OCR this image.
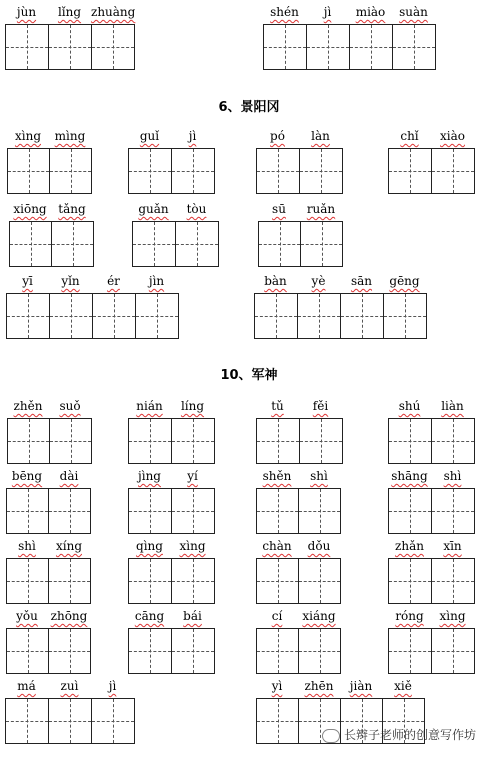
6、景阳冈
10、军神
长辫子老师的创意写作坊
jùn	lǐng zhuàng	shén	jì	miào	suàn
xìng	mìng	guǐ	jì	pó	làn	chǐ	xiào
xiōng tǎng	guǎn	tòu	sū	ruǎn
yī	yǐn	ér	jìn	bàn	yè	sān	gēng
zhěn	suǒ	nián	líng	tǔ	fěi	shú	liàn
bēng	dài	jìng	yí	shěn	shì	shāng	shì
shì	xíng	qìng	xìng	chàn	dǒu	zhǎn	xīn
yǒu	zhōng	cāng	bái	cí	xiáng	róng	xìng
má	zuì	jì	yì	zhēn	jiàn	xiě
